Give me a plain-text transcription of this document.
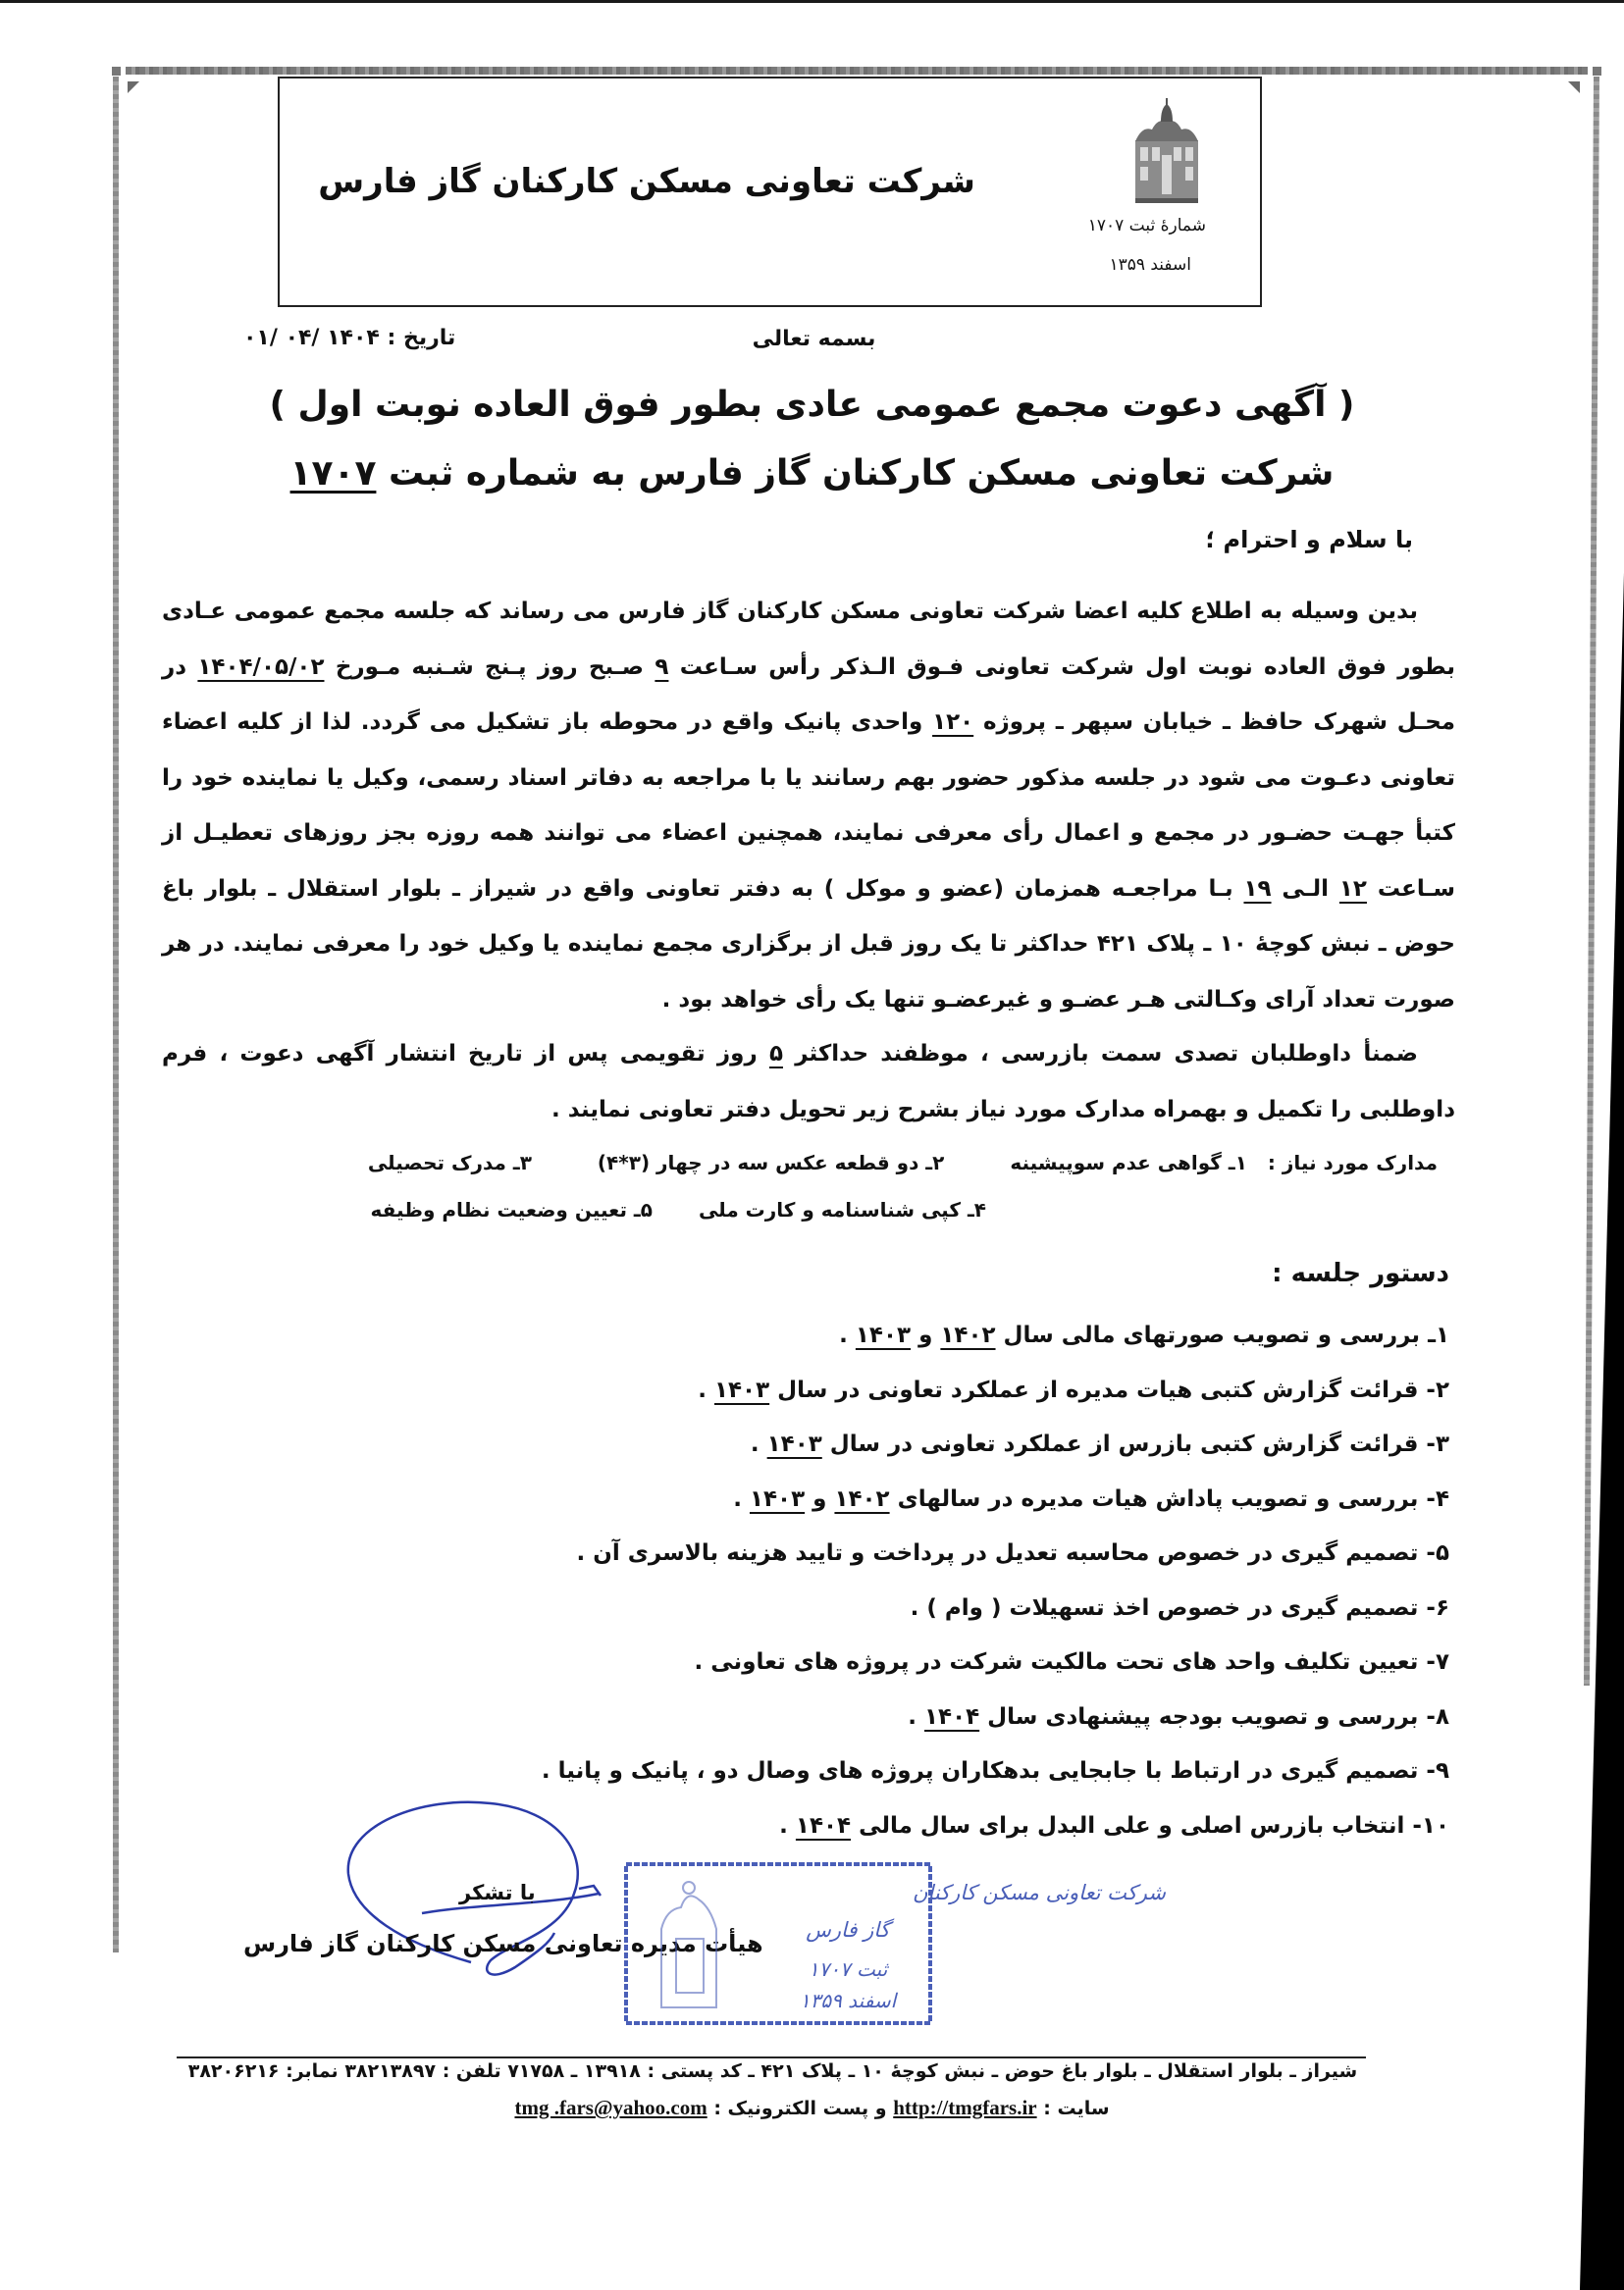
شرکت تعاونی مسکن کارکنان گاز فارس
شمارهٔ ثبت ۱۷۰۷
اسفند ۱۳۵۹
بسمه تعالی
تاریخ : ۱۴۰۴ /۰۴ /۰۱
( آگهی دعوت مجمع عمومی عادی بطور فوق العاده نوبت اول )
شرکت تعاونی مسکن کارکنان گاز فارس به شماره ثبت ۱۷۰۷
با سلام و احترام ؛
بدین وسیله به اطلاع کلیه اعضا شرکت تعاونی مسکن کارکنان گاز فارس می رساند که جلسه مجمع عمومی عـادی بطور فوق العاده نوبت اول شرکت تعاونی فـوق الـذکر رأس سـاعت ۹ صـبح روز پـنج شـنبه مـورخ ۱۴۰۴/۰۵/۰۲ در محـل شهرک حافظ ـ خیابان سپهر ـ پروژه ۱۲۰ واحدی پانیک واقع در محوطه باز تشکیل می گردد. لذا از کلیه اعضاء تعاونی دعـوت می شود در جلسه مذکور حضور بهم رسانند یا با مراجعه به دفاتر اسناد رسمی، وکیل یا نماینده خود را کتبأ جهـت حضـور در مجمع و اعمال رأی معرفی نمایند، همچنین اعضاء می توانند همه روزه بجز روزهای تعطیـل از سـاعت ۱۲ الـی ۱۹ بـا مراجعـه همزمان (عضو و موکل ) به دفتر تعاونی واقع در شیراز ـ بلوار استقلال ـ بلوار باغ حوض ـ نبش کوچهٔ ۱۰ ـ پلاک ۴۲۱ حداکثر تا یک روز قبل از برگزاری مجمع نماینده یا وکیل خود را معرفی نمایند. در هر صورت تعداد آرای وکـالتی هـر عضـو و غیرعضـو تنها یک رأی خواهد بود .
ضمنأ داوطلبان تصدی سمت بازرسی ، موظفند حداکثر ۵ روز تقویمی پس از تاریخ انتشار آگهی دعوت ، فرم داوطلبی را تکمیل و بهمراه مدارک مورد نیاز بشرح زیر تحویل دفتر تعاونی نمایند .
مدارک مورد نیاز : ۱ـ گواهی عدم سوپیشینه ۲ـ دو قطعه عکس سه در چهار (۳*۴) ۳ـ مدرک تحصیلی
۴ـ کپی شناسنامه و کارت ملی ۵ـ تعیین وضعیت نظام وظیفه
دستور جلسه :
۱ـ بررسی و تصویب صورتهای مالی سال ۱۴۰۲ و ۱۴۰۳ .
۲- قرائت گزارش کتبی هیات مدیره از عملکرد تعاونی در سال ۱۴۰۳ .
۳- قرائت گزارش کتبی بازرس از عملکرد تعاونی در سال ۱۴۰۳ .
۴- بررسی و تصویب پاداش هیات مدیره در سالهای ۱۴۰۲ و ۱۴۰۳ .
۵- تصمیم گیری در خصوص محاسبه تعدیل در پرداخت و تایید هزینه بالاسری آن .
۶- تصمیم گیری در خصوص اخذ تسهیلات ( وام ) .
۷- تعیین تکلیف واحد های تحت مالکیت شرکت در پروژه های تعاونی .
۸- بررسی و تصویب بودجه پیشنهادی سال ۱۴۰۴ .
۹- تصمیم گیری در ارتباط با جابجایی بدهکاران پروژه های وصال دو ، پانیک و پانیا .
۱۰- انتخاب بازرس اصلی و علی البدل برای سال مالی ۱۴۰۴ .
با تشکر
هیأت مدیره تعاونی مسکن کارکنان گاز فارس
شرکت تعاونی مسکن کارکنان
گاز فارس
ثبت ۱۷۰۷
اسفند ۱۳۵۹
شیراز ـ بلوار استقلال ـ بلوار باغ حوض ـ نبش کوچهٔ ۱۰ ـ پلاک ۴۲۱ ـ کد پستی : ۱۳۹۱۸ ـ ۷۱۷۵۸ تلفن : ۳۸۲۱۳۸۹۷ نمابر: ۳۸۲۰۶۲۱۶
سایت : http://tmgfars.ir و پست الکترونیک : tmg .fars@yahoo.com
